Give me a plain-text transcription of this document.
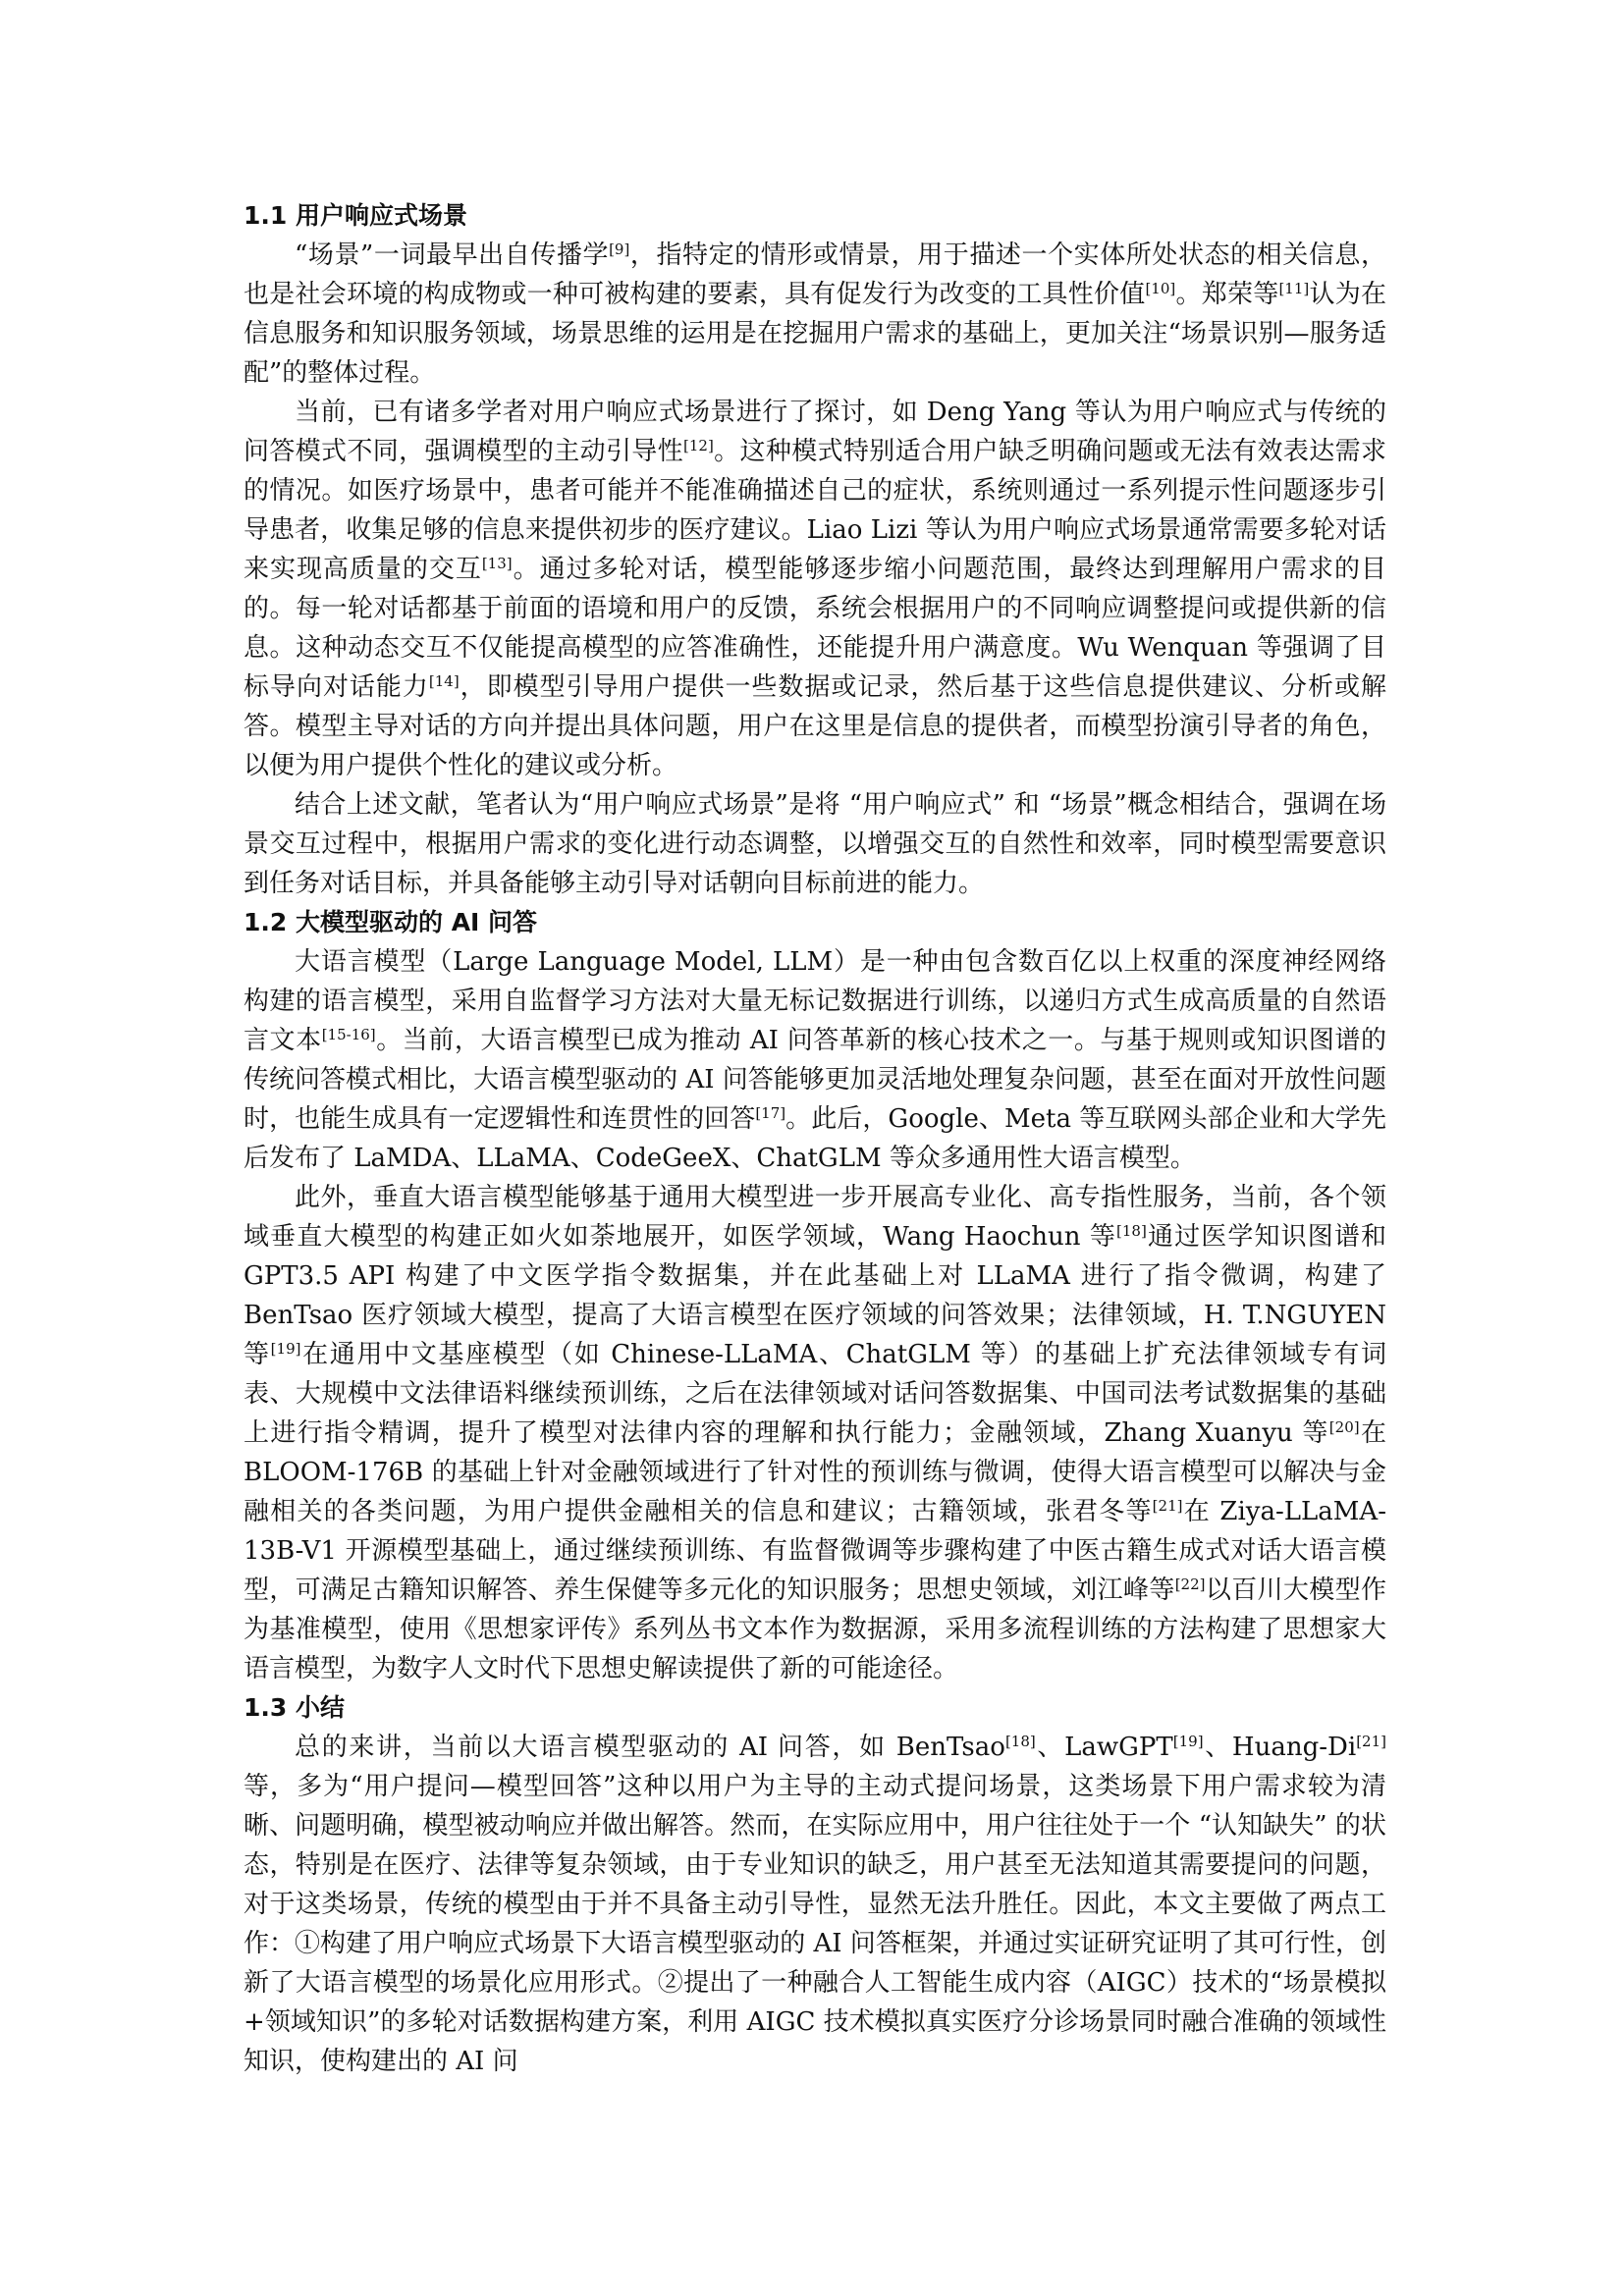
1.1 用户响应式场景

“场景”一词最早出自传播学[9]，指特定的情形或情景，用于描述一个实体所处状态的相关信息，也是社会环境的构成物或一种可被构建的要素，具有促发行为改变的工具性价值[10]。郑荣等[11]认为在信息服务和知识服务领域，场景思维的运用是在挖掘用户需求的基础上，更加关注“场景识别—服务适配”的整体过程。

当前，已有诸多学者对用户响应式场景进行了探讨，如 Deng Yang 等认为用户响应式与传统的问答模式不同，强调模型的主动引导性[12]。这种模式特别适合用户缺乏明确问题或无法有效表达需求的情况。如医疗场景中，患者可能并不能准确描述自己的症状，系统则通过一系列提示性问题逐步引导患者，收集足够的信息来提供初步的医疗建议。Liao Lizi 等认为用户响应式场景通常需要多轮对话来实现高质量的交互[13]。通过多轮对话，模型能够逐步缩小问题范围，最终达到理解用户需求的目的。每一轮对话都基于前面的语境和用户的反馈，系统会根据用户的不同响应调整提问或提供新的信息。这种动态交互不仅能提高模型的应答准确性，还能提升用户满意度。Wu Wenquan 等强调了目标导向对话能力[14]，即模型引导用户提供一些数据或记录，然后基于这些信息提供建议、分析或解答。模型主导对话的方向并提出具体问题，用户在这里是信息的提供者，而模型扮演引导者的角色，以便为用户提供个性化的建议或分析。

结合上述文献，笔者认为“用户响应式场景”是将 “用户响应式” 和 “场景”概念相结合，强调在场景交互过程中，根据用户需求的变化进行动态调整，以增强交互的自然性和效率，同时模型需要意识到任务对话目标，并具备能够主动引导对话朝向目标前进的能力。

1.2 大模型驱动的 AI 问答

大语言模型（Large Language Model, LLM）是一种由包含数百亿以上权重的深度神经网络构建的语言模型，采用自监督学习方法对大量无标记数据进行训练，以递归方式生成高质量的自然语言文本[15-16]。当前，大语言模型已成为推动 AI 问答革新的核心技术之一。与基于规则或知识图谱的传统问答模式相比，大语言模型驱动的 AI 问答能够更加灵活地处理复杂问题，甚至在面对开放性问题时，也能生成具有一定逻辑性和连贯性的回答[17]。此后，Google、Meta 等互联网头部企业和大学先后发布了 LaMDA、LLaMA、CodeGeeX、ChatGLM 等众多通用性大语言模型。

此外，垂直大语言模型能够基于通用大模型进一步开展高专业化、高专指性服务，当前，各个领域垂直大模型的构建正如火如荼地展开，如医学领域，Wang Haochun 等[18]通过医学知识图谱和 GPT3.5 API 构建了中文医学指令数据集，并在此基础上对 LLaMA 进行了指令微调，构建了 BenTsao 医疗领域大模型，提高了大语言模型在医疗领域的问答效果；法律领域，H. T.NGUYEN 等[19]在通用中文基座模型（如 Chinese-LLaMA、ChatGLM 等）的基础上扩充法律领域专有词表、大规模中文法律语料继续预训练，之后在法律领域对话问答数据集、中国司法考试数据集的基础上进行指令精调，提升了模型对法律内容的理解和执行能力；金融领域，Zhang Xuanyu 等[20]在 BLOOM-176B 的基础上针对金融领域进行了针对性的预训练与微调，使得大语言模型可以解决与金融相关的各类问题，为用户提供金融相关的信息和建议；古籍领域，张君冬等[21]在 Ziya-LLaMA-13B-V1 开源模型基础上，通过继续预训练、有监督微调等步骤构建了中医古籍生成式对话大语言模型，可满足古籍知识解答、养生保健等多元化的知识服务；思想史领域，刘江峰等[22]以百川大模型作为基准模型，使用《思想家评传》系列丛书文本作为数据源，采用多流程训练的方法构建了思想家大语言模型，为数字人文时代下思想史解读提供了新的可能途径。

1.3 小结

总的来讲，当前以大语言模型驱动的 AI 问答，如 BenTsao[18]、LawGPT[19]、Huang-Di[21]等，多为“用户提问—模型回答”这种以用户为主导的主动式提问场景，这类场景下用户需求较为清晰、问题明确，模型被动响应并做出解答。然而，在实际应用中，用户往往处于一个 “认知缺失” 的状态，特别是在医疗、法律等复杂领域，由于专业知识的缺乏，用户甚至无法知道其需要提问的问题，对于这类场景，传统的模型由于并不具备主动引导性，显然无法升胜任。因此，本文主要做了两点工作：①构建了用户响应式场景下大语言模型驱动的 AI 问答框架，并通过实证研究证明了其可行性，创新了大语言模型的场景化应用形式。②提出了一种融合人工智能生成内容（AIGC）技术的“场景模拟+领域知识”的多轮对话数据构建方案，利用 AIGC 技术模拟真实医疗分诊场景同时融合准确的领域性知识，使构建出的 AI 问
